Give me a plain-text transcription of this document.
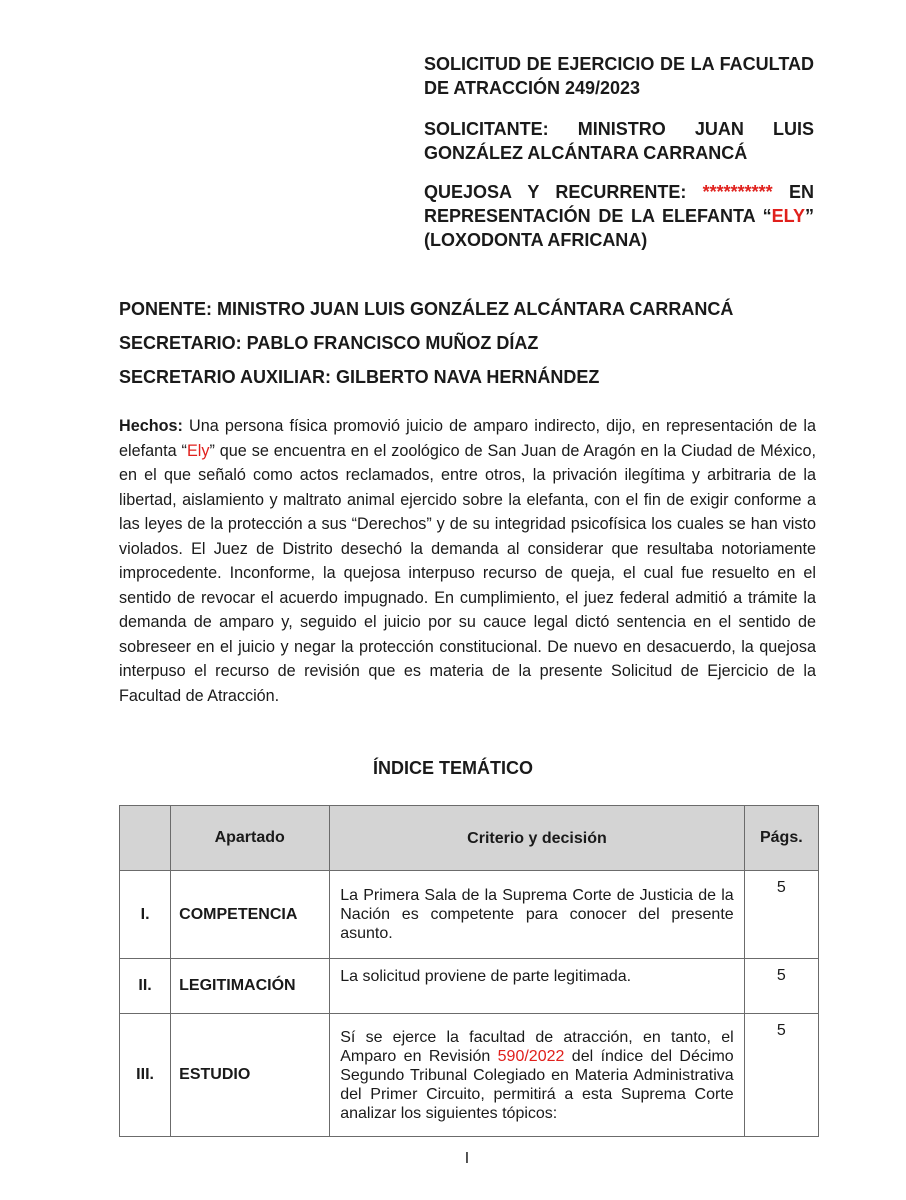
SOLICITUD DE EJERCICIO DE LA FACULTAD DE ATRACCIÓN 249/2023
SOLICITANTE: MINISTRO JUAN LUIS GONZÁLEZ ALCÁNTARA CARRANCÁ
QUEJOSA Y RECURRENTE: ********** EN REPRESENTACIÓN DE LA ELEFANTA “ELY” (LOXODONTA AFRICANA)
PONENTE: MINISTRO JUAN LUIS GONZÁLEZ ALCÁNTARA CARRANCÁ
SECRETARIO: PABLO FRANCISCO MUÑOZ DÍAZ
SECRETARIO AUXILIAR: GILBERTO NAVA HERNÁNDEZ
Hechos: Una persona física promovió juicio de amparo indirecto, dijo, en representación de la elefanta “Ely” que se encuentra en el zoológico de San Juan de Aragón en la Ciudad de México, en el que señaló como actos reclamados, entre otros, la privación ilegítima y arbitraria de la libertad, aislamiento y maltrato animal ejercido sobre la elefanta, con el fin de exigir conforme a las leyes de la protección a sus “Derechos” y de su integridad psicofísica los cuales se han visto violados. El Juez de Distrito desechó la demanda al considerar que resultaba notoriamente improcedente. Inconforme, la quejosa interpuso recurso de queja, el cual fue resuelto en el sentido de revocar el acuerdo impugnado. En cumplimiento, el juez federal admitió a trámite la demanda de amparo y, seguido el juicio por su cauce legal dictó sentencia en el sentido de sobreseer en el juicio y negar la protección constitucional. De nuevo en desacuerdo, la quejosa interpuso el recurso de revisión que es materia de la presente Solicitud de Ejercicio de la Facultad de Atracción.
ÍNDICE TEMÁTICO
	Apartado	Criterio y decisión	Págs.
I.	COMPETENCIA	La Primera Sala de la Suprema Corte de Justicia de la Nación es competente para conocer del presente asunto.	5
II.	LEGITIMACIÓN	La solicitud proviene de parte legitimada.	5
III.	ESTUDIO	Sí se ejerce la facultad de atracción, en tanto, el Amparo en Revisión 590/2022 del índice del Décimo Segundo Tribunal Colegiado en Materia Administrativa del Primer Circuito, permitirá a esta Suprema Corte analizar los siguientes tópicos:	5
I
